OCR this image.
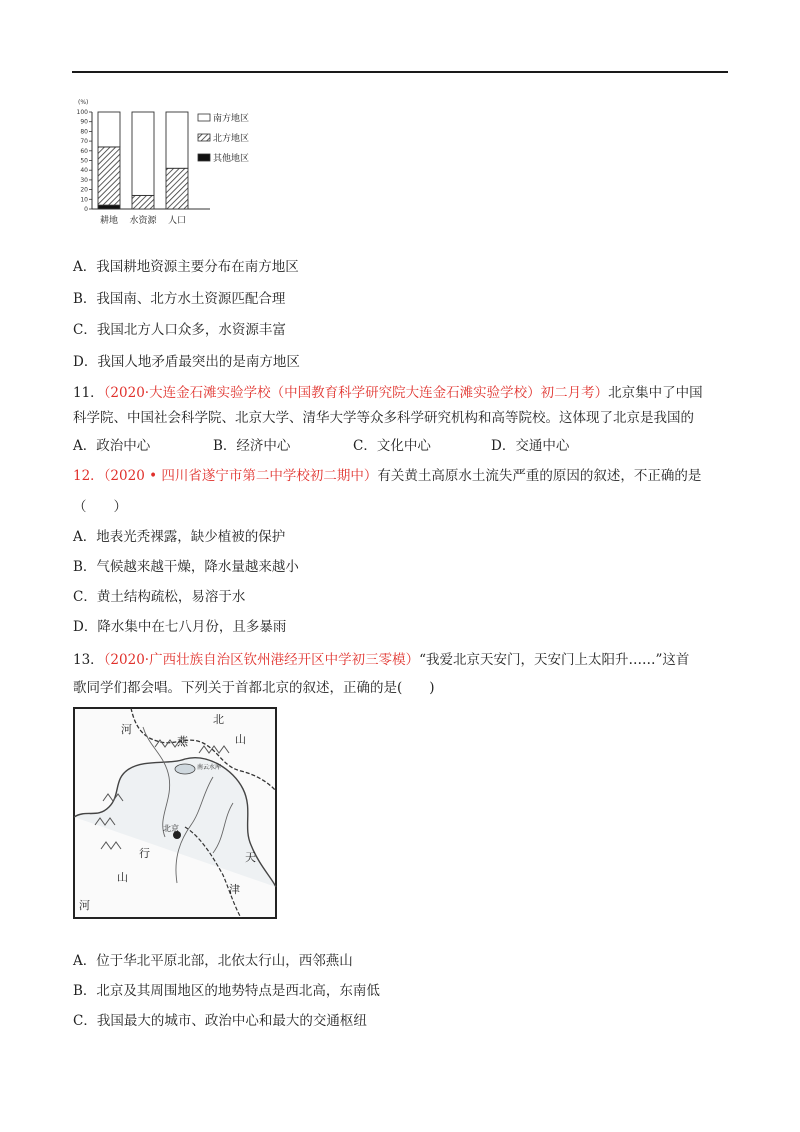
(%)
100
90
80
70
60
50
40
30
20
10
0
耕地 水资源 人口
南方地区
北方地区
其他地区
A．我国耕地资源主要分布在南方地区
B．我国南、北方水土资源匹配合理
C．我国北方人口众多，水资源丰富
D．我国人地矛盾最突出的是南方地区
11．（2020·大连金石滩实验学校（中国教育科学研究院大连金石滩实验学校）初二月考）北京集中了中国
科学院、中国社会科学院、北京大学、清华大学等众多科学研究机构和高等院校。这体现了北京是我国的
A．政治中心	B．经济中心	C．文化中心	D．交通中心
12．（2020 • 四川省遂宁市第二中学校初二期中）有关黄土高原水土流失严重的原因的叙述，不正确的是
（　　）
A．地表光秃裸露，缺少植被的保护
B．气候越来越干燥，降水量越来越小
C．黄土结构疏松，易溶于水
D．降水集中在七八月份，且多暴雨
13．（2020·广西壮族自治区钦州港经开区中学初三零模）“我爱北京天安门，天安门上太阳升……”这首
歌同学们都会唱。下列关于首都北京的叙述，正确的是(　　)
河
北
山
燕
南云水库
北京
行
山
天
津
河
A．位于华北平原北部，北依太行山，西邻燕山
B．北京及其周围地区的地势特点是西北高，东南低
C．我国最大的城市、政治中心和最大的交通枢纽
